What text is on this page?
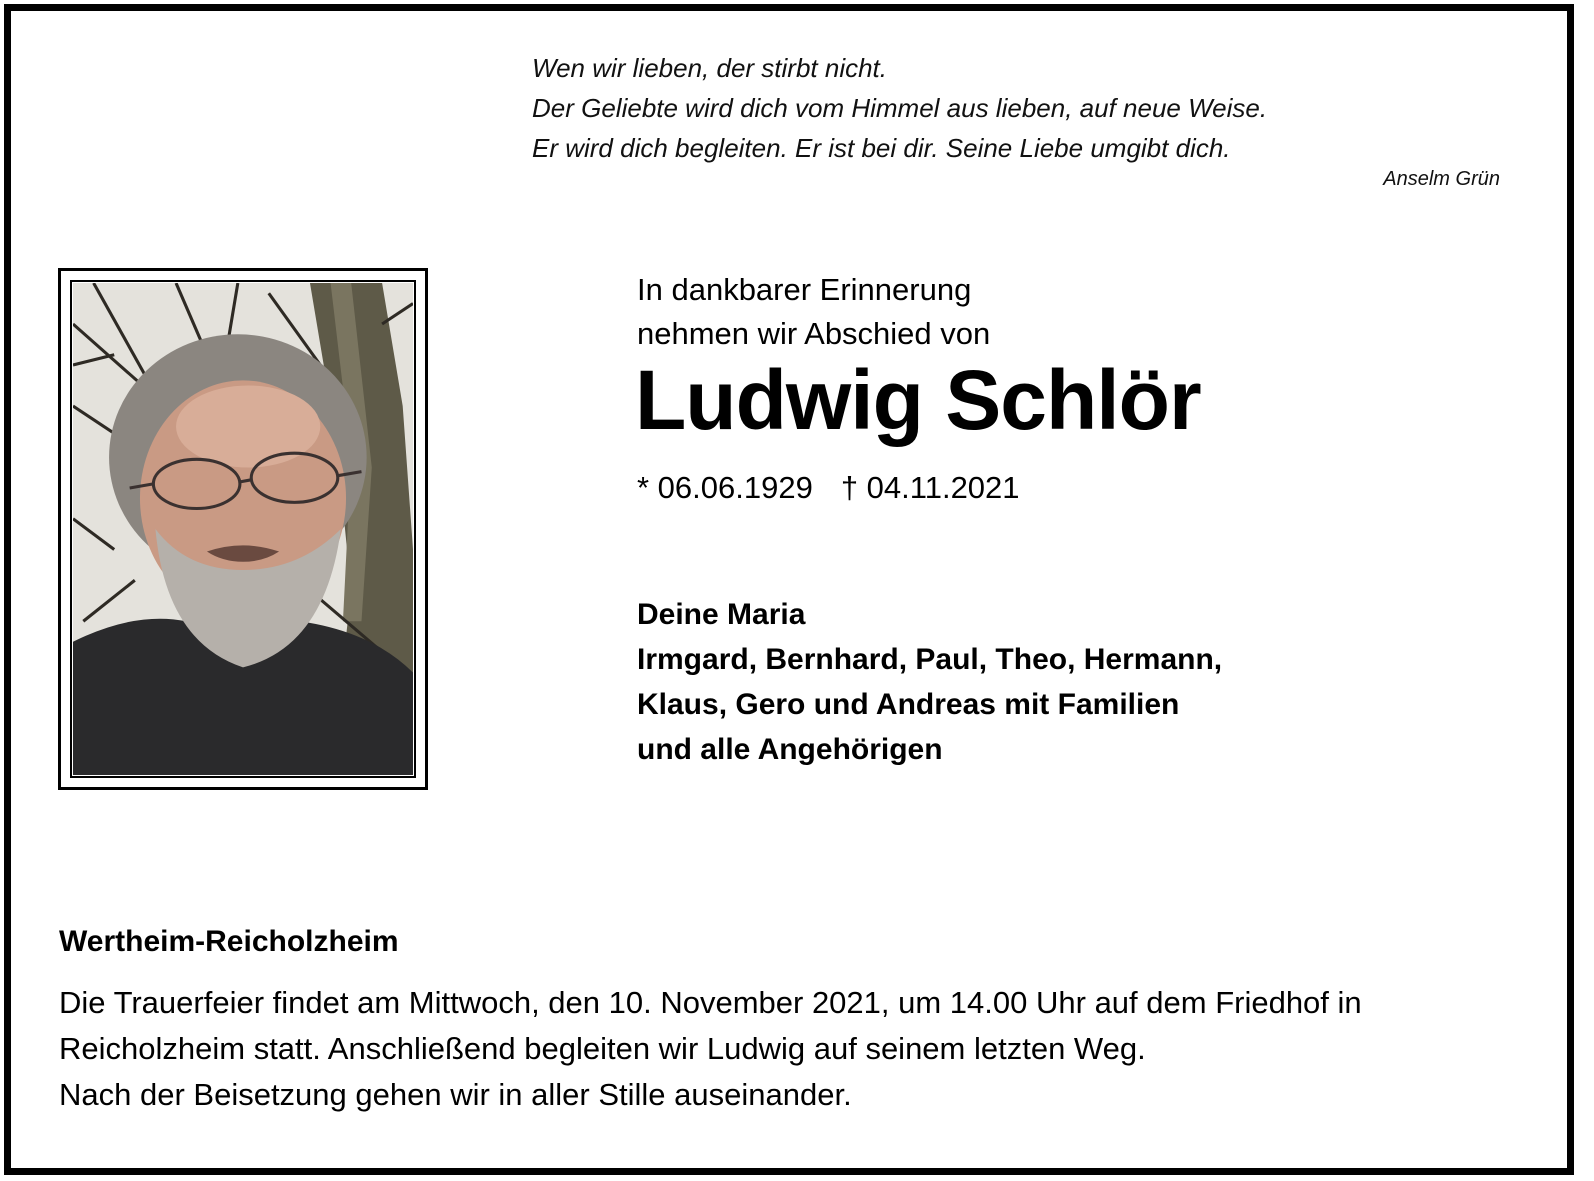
Wen wir lieben, der stirbt nicht.
Der Geliebte wird dich vom Himmel aus lieben, auf neue Weise.
Er wird dich begleiten. Er ist bei dir. Seine Liebe umgibt dich.
Anselm Grün
In dankbarer Erinnerung
nehmen wir Abschied von
Ludwig Schlör
* 06.06.1929 † 04.11.2021
Deine Maria
Irmgard, Bernhard, Paul, Theo, Hermann,
Klaus, Gero und Andreas mit Familien
und alle Angehörigen
Wertheim-Reicholzheim
Die Trauerfeier findet am Mittwoch, den 10. November 2021, um 14.00 Uhr auf dem Friedhof in
Reicholzheim statt. Anschließend begleiten wir Ludwig auf seinem letzten Weg.
Nach der Beisetzung gehen wir in aller Stille auseinander.
